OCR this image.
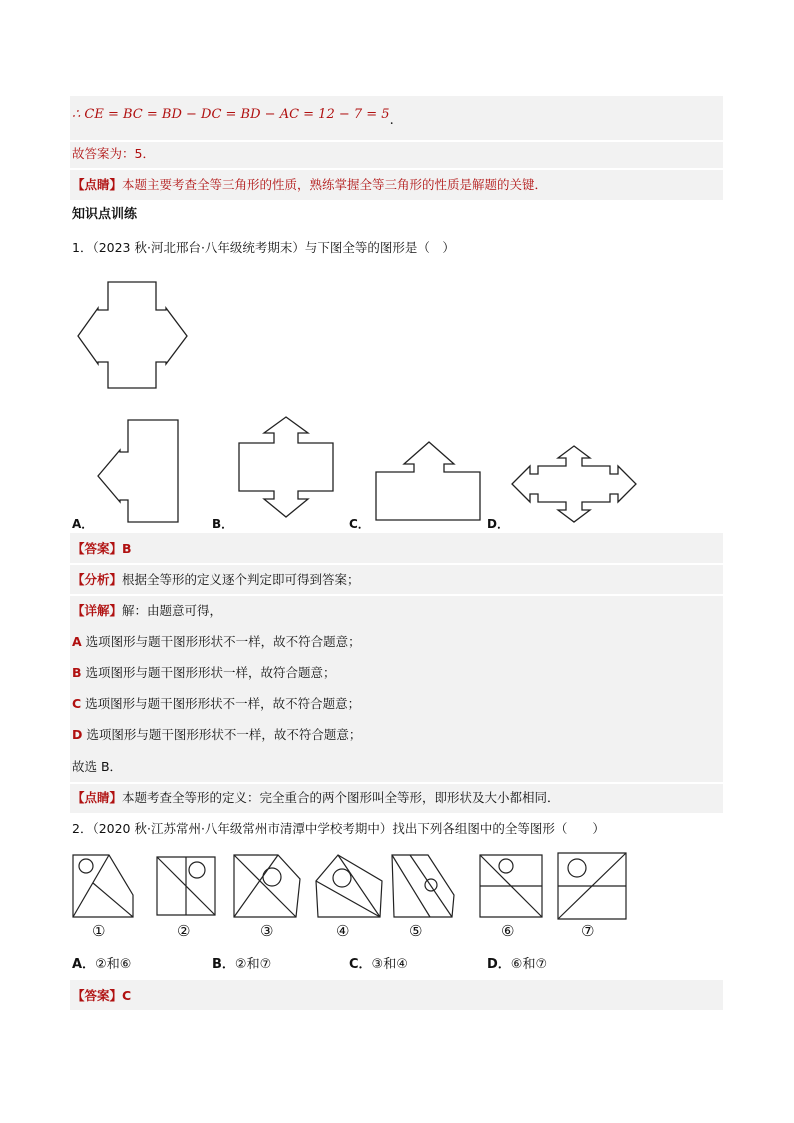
∴ CE = BC = BD − DC = BD − AC = 12 − 7 = 5.
故答案为：5．
【点睛】本题主要考查全等三角形的性质，熟练掌握全等三角形的性质是解题的关键．
知识点训练
1．（2023 秋·河北邢台·八年级统考期末）与下图全等的图形是（　）
A．	B．	C．	D．
【答案】B
【分析】根据全等形的定义逐个判定即可得到答案；
【详解】解：由题意可得，
A 选项图形与题干图形形状不一样，故不符合题意；
B 选项图形与题干图形形状一样，故符合题意；
C 选项图形与题干图形形状不一样，故不符合题意；
D 选项图形与题干图形形状不一样，故不符合题意；
故选 B．
【点睛】本题考查全等形的定义：完全重合的两个图形叫全等形，即形状及大小都相同．
2．（2020 秋·江苏常州·八年级常州市清潭中学校考期中）找出下列各组图中的全等图形（　　）
①	②	③	④	⑤	⑥	⑦
A．②和⑥	B．②和⑦	C．③和④	D．⑥和⑦
【答案】C
